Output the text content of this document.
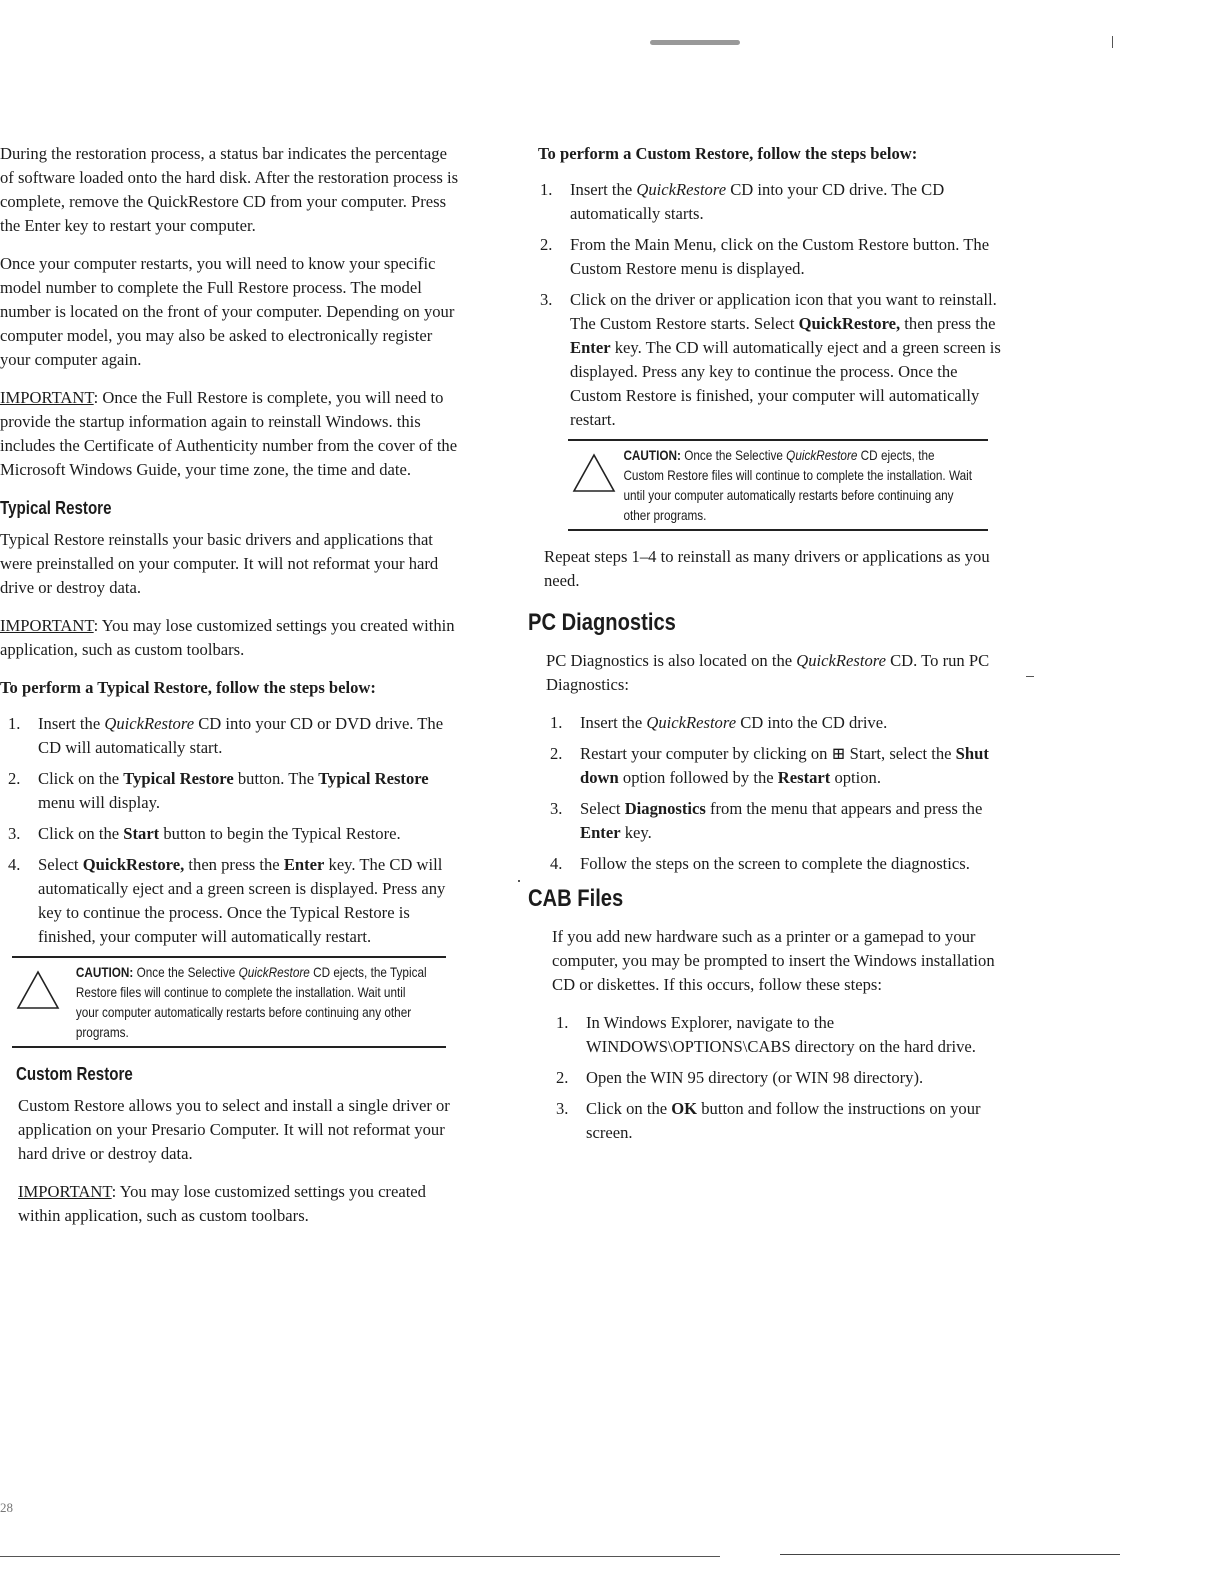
During the restoration process, a status bar indicates the percentage of software loaded onto the hard disk. After the restoration process is complete, remove the QuickRestore CD from your computer. Press the Enter key to restart your computer.

Once your computer restarts, you will need to know your specific model number to complete the Full Restore process. The model number is located on the front of your computer. Depending on your computer model, you may also be asked to electronically register your computer again.

IMPORTANT: Once the Full Restore is complete, you will need to provide the startup information again to reinstall Windows. this includes the Certificate of Authenticity number from the cover of the Microsoft Windows Guide, your time zone, the time and date.

Typical Restore

Typical Restore reinstalls your basic drivers and applications that were preinstalled on your computer. It will not reformat your hard drive or destroy data.

IMPORTANT: You may lose customized settings you created within application, such as custom toolbars.

To perform a Typical Restore, follow the steps below:

1. Insert the QuickRestore CD into your CD or DVD drive. The CD will automatically start.
2. Click on the Typical Restore button. The Typical Restore menu will display.
3. Click on the Start button to begin the Typical Restore.
4. Select QuickRestore, then press the Enter key. The CD will automatically eject and a green screen is displayed. Press any key to continue the process. Once the Typical Restore is finished, your computer will automatically restart.
CAUTION: Once the Selective QuickRestore CD ejects, the Typical Restore files will continue to complete the installation. Wait until your computer automatically restarts before continuing any other programs.
Custom Restore

Custom Restore allows you to select and install a single driver or application on your Presario Computer. It will not reformat your hard drive or destroy data.

IMPORTANT: You may lose customized settings you created within application, such as custom toolbars.

28

To perform a Custom Restore, follow the steps below:

1. Insert the QuickRestore CD into your CD drive. The CD automatically starts.
2. From the Main Menu, click on the Custom Restore button. The Custom Restore menu is displayed.
3. Click on the driver or application icon that you want to reinstall. The Custom Restore starts. Select QuickRestore, then press the Enter key. The CD will automatically eject and a green screen is displayed. Press any key to continue the process. Once the Custom Restore is finished, your computer will automatically restart.
CAUTION: Once the Selective QuickRestore CD ejects, the Custom Restore files will continue to complete the installation. Wait until your computer automatically restarts before continuing any other programs.

Repeat steps 1–4 to reinstall as many drivers or applications as you need.

PC Diagnostics

PC Diagnostics is also located on the QuickRestore CD. To run PC Diagnostics:

1. Insert the QuickRestore CD into the CD drive.
2. Restart your computer by clicking on ⊞ Start, select the Shut down option followed by the Restart option.
3. Select Diagnostics from the menu that appears and press the Enter key.
4. Follow the steps on the screen to complete the diagnostics.
CAB Files

If you add new hardware such as a printer or a gamepad to your computer, you may be prompted to insert the Windows installation CD or diskettes. If this occurs, follow these steps:

1. In Windows Explorer, navigate to the WINDOWS\OPTIONS\CABS directory on the hard drive.
2. Open the WIN 95 directory (or WIN 98 directory).
3. Click on the OK button and follow the instructions on your screen.
